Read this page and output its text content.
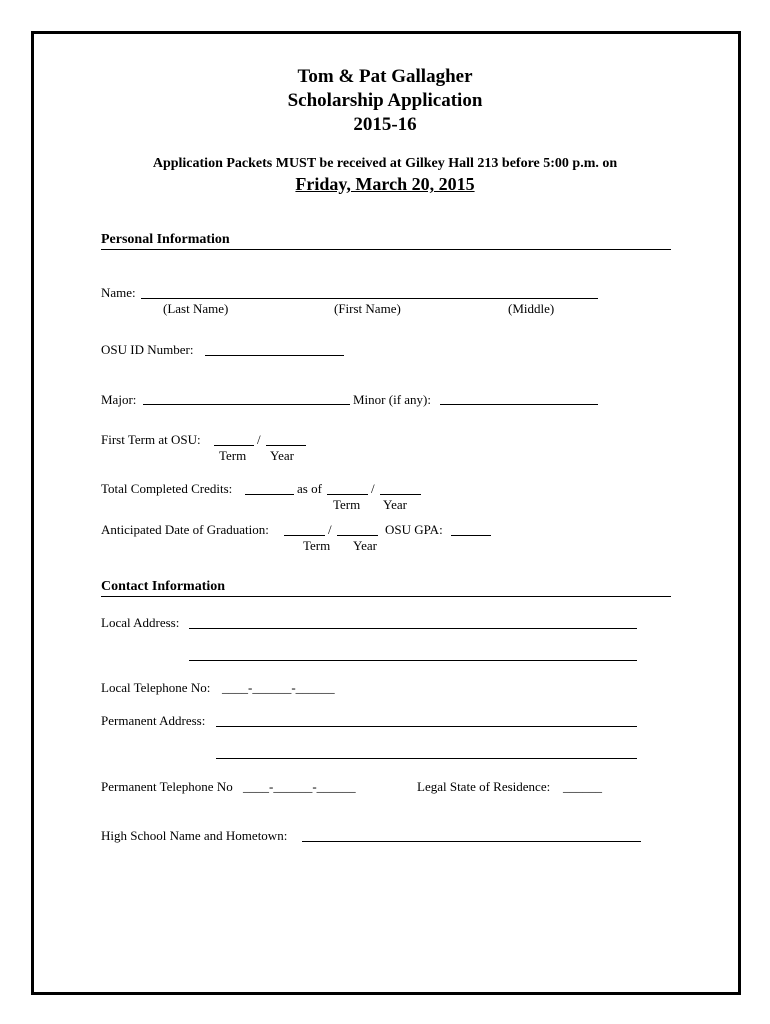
Tom & Pat Gallagher
Scholarship Application
2015-16
Application Packets MUST be received at Gilkey Hall 213 before 5:00 p.m. on
Friday, March 20, 2015
Personal Information
Name:
(Last Name)	(First Name)	(Middle)
OSU ID Number:
Major:	Minor (if any):
First Term at OSU:	/
Term Year
Total Completed Credits:	as of	/
Term Year
Anticipated Date of Graduation:	/	OSU GPA:
Term Year
Contact Information
Local Address:
Local Telephone No: ____-______-______
Permanent Address:
Permanent Telephone No ____-______-______	Legal State of Residence: ______
High School Name and Hometown:
